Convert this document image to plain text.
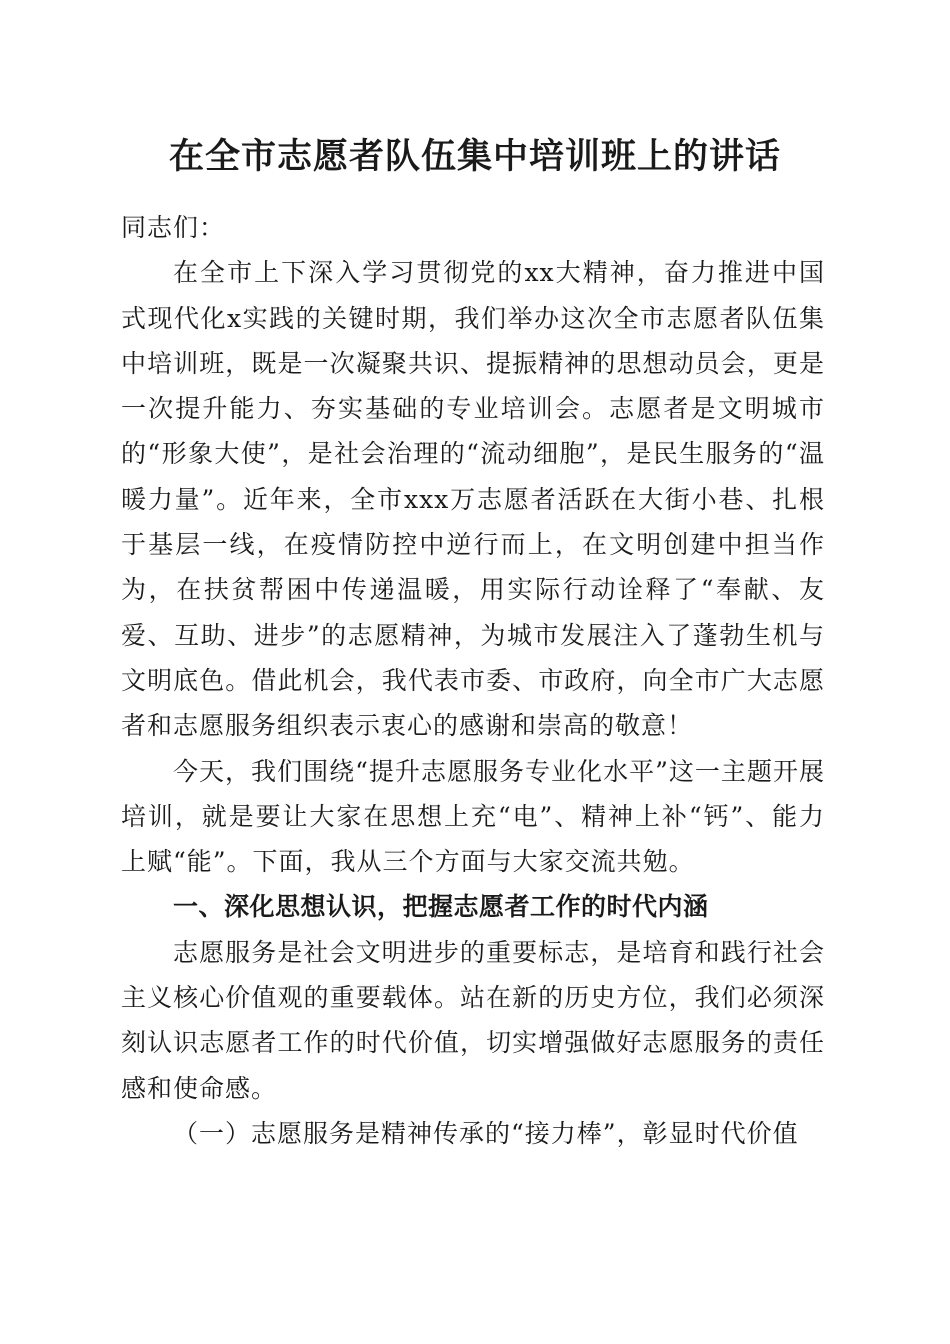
在全市志愿者队伍集中培训班上的讲话

同志们：

在全市上下深入学习贯彻党的xx大精神，奋力推进中国式现代化x实践的关键时期，我们举办这次全市志愿者队伍集中培训班，既是一次凝聚共识、提振精神的思想动员会，更是一次提升能力、夯实基础的专业培训会。志愿者是文明城市的“形象大使”，是社会治理的“流动细胞”，是民生服务的“温暖力量”。近年来，全市xxx万志愿者活跃在大街小巷、扎根于基层一线，在疫情防控中逆行而上，在文明创建中担当作为，在扶贫帮困中传递温暖，用实际行动诠释了“奉献、友爱、互助、进步”的志愿精神，为城市发展注入了蓬勃生机与文明底色。借此机会，我代表市委、市政府，向全市广大志愿者和志愿服务组织表示衷心的感谢和崇高的敬意！

今天，我们围绕“提升志愿服务专业化水平”这一主题开展培训，就是要让大家在思想上充“电”、精神上补“钙”、能力上赋“能”。下面，我从三个方面与大家交流共勉。

一、深化思想认识，把握志愿者工作的时代内涵

志愿服务是社会文明进步的重要标志，是培育和践行社会主义核心价值观的重要载体。站在新的历史方位，我们必须深刻认识志愿者工作的时代价值，切实增强做好志愿服务的责任感和使命感。

（一）志愿服务是精神传承的“接力棒”，彰显时代价值
